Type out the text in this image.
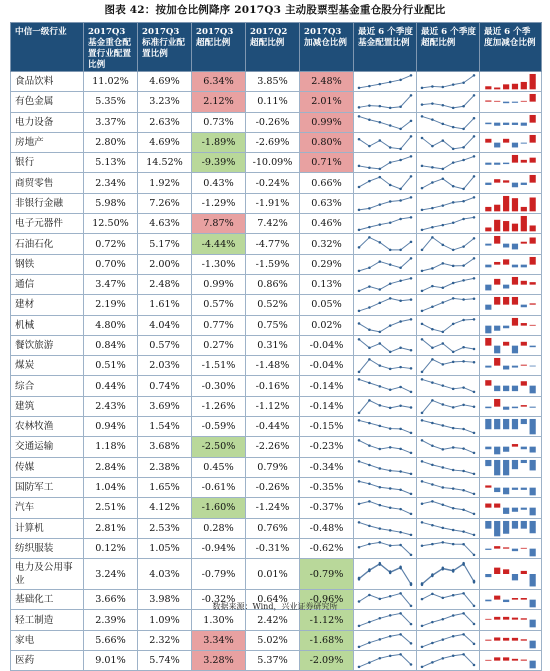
图表 42：按加仓比例降序 2017Q3 主动股票型基金重仓股分行业配比
中信一级行业	2017Q3 基金重仓配置行业配置比例	2017Q3 标准行业配置比例	2017Q3 超配比例	2017Q2 超配比例	2017Q3 加减仓比例	最近 6 个季度基金配置比例	最近 6 个季度超配比例	最近 6 个季度加减仓比例
食品饮料	11.02%	4.69%	6.34%	3.85%	2.48%	

有色金属	5.35%	3.23%	2.12%	0.11%	2.01%	

电力设备	3.37%	2.63%	0.73%	-0.26%	0.99%	

房地产	2.80%	4.69%	-1.89%	-2.69%	0.80%	

银行	5.13%	14.52%	-9.39%	-10.09%	0.71%	

商贸零售	2.34%	1.92%	0.43%	-0.24%	0.66%	

非银行金融	5.98%	7.26%	-1.29%	-1.91%	0.63%	

电子元器件	12.50%	4.63%	7.87%	7.42%	0.46%	

石油石化	0.72%	5.17%	-4.44%	-4.77%	0.32%	

钢铁	0.70%	2.00%	-1.30%	-1.59%	0.29%	

通信	3.47%	2.48%	0.99%	0.86%	0.13%	

建材	2.19%	1.61%	0.57%	0.52%	0.05%	

机械	4.80%	4.04%	0.77%	0.75%	0.02%	

餐饮旅游	0.84%	0.57%	0.27%	0.31%	-0.04%	

煤炭	0.51%	2.03%	-1.51%	-1.48%	-0.04%	

综合	0.44%	0.74%	-0.30%	-0.16%	-0.14%	

建筑	2.43%	3.69%	-1.26%	-1.12%	-0.14%	

农林牧渔	0.94%	1.54%	-0.59%	-0.44%	-0.15%	

交通运输	1.18%	3.68%	-2.50%	-2.26%	-0.23%	

传媒	2.84%	2.38%	0.45%	0.79%	-0.34%	

国防军工	1.04%	1.65%	-0.61%	-0.26%	-0.35%	

汽车	2.51%	4.12%	-1.60%	-1.24%	-0.37%	

计算机	2.81%	2.53%	0.28%	0.76%	-0.48%	

纺织服装	0.12%	1.05%	-0.94%	-0.31%	-0.62%	

电力及公用事业	3.24%	4.03%	-0.79%	0.01%	-0.79%	

基础化工	3.66%	3.98%	-0.32%	0.64%	-0.96%	

轻工制造	2.39%	1.09%	1.30%	2.42%	-1.12%	

家电	5.66%	2.32%	3.34%	5.02%	-1.68%	

医药	9.01%	5.74%	3.28%	5.37%	-2.09%	

数据来源：Wind，兴业证券研究所
